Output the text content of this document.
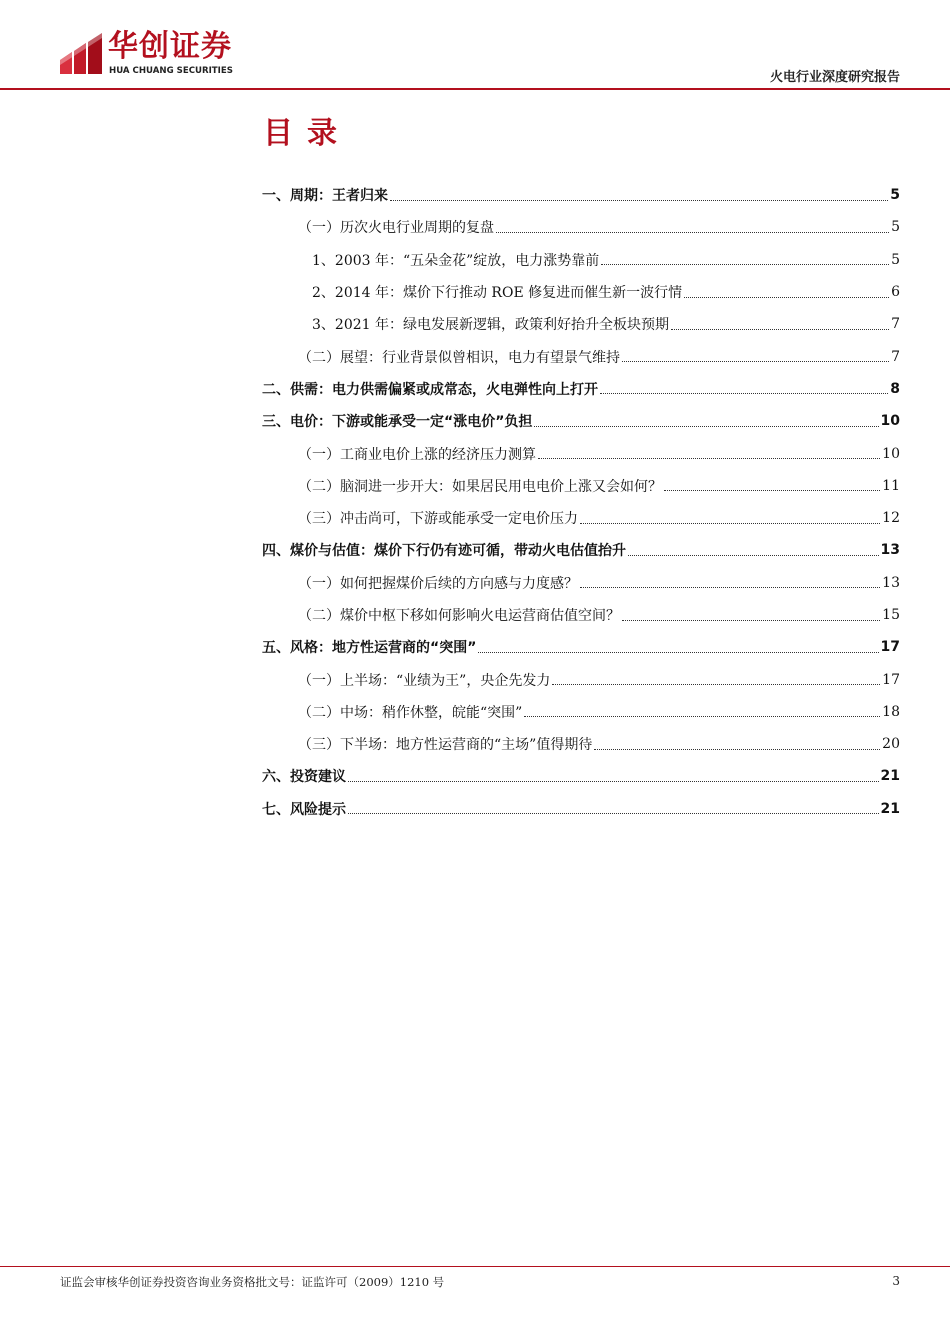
华创证券
HUA CHUANG SECURITIES	火电行业深度研究报告
目录
一、周期：王者归来	5
（一）历次火电行业周期的复盘	5
1、2003 年：“五朵金花”绽放，电力涨势靠前	5
2、2014 年：煤价下行推动 ROE 修复进而催生新一波行情	6
3、2021 年：绿电发展新逻辑，政策利好抬升全板块预期	7
（二）展望：行业背景似曾相识，电力有望景气维持	7
二、供需：电力供需偏紧或成常态，火电弹性向上打开	8
三、电价：下游或能承受一定“涨电价”负担	10
（一）工商业电价上涨的经济压力测算	10
（二）脑洞进一步开大：如果居民用电电价上涨又会如何？	11
（三）冲击尚可，下游或能承受一定电价压力	12
四、煤价与估值：煤价下行仍有迹可循，带动火电估值抬升	13
（一）如何把握煤价后续的方向感与力度感？	13
（二）煤价中枢下移如何影响火电运营商估值空间？	15
五、风格：地方性运营商的“突围”	17
（一）上半场：“业绩为王”，央企先发力	17
（二）中场：稍作休整，皖能“突围”	18
（三）下半场：地方性运营商的“主场”值得期待	20
六、投资建议	21
七、风险提示	21
证监会审核华创证券投资咨询业务资格批文号：证监许可（2009）1210 号	3
